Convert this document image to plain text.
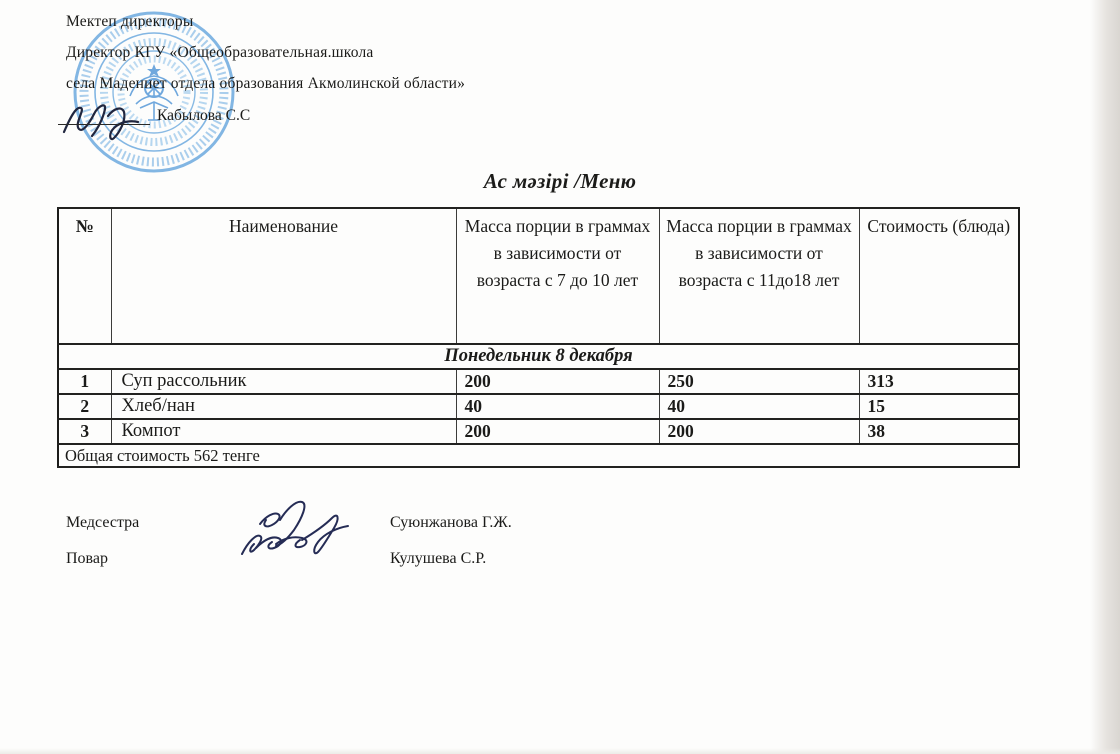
Мектеп директоры
Директор КГУ «Общеобразовательная.школа
села Мадениет отдела образования Акмолинской области»
Кабылова С.С
Ас мәзірі /Меню
№	Наименование	Масса порции в граммах в зависимости от возраста с 7 до 10 лет	Масса порции в граммах в зависимости от возраста с 11до18 лет	Стоимость (блюда)
Понедельник 8 декабря				
1	Суп рассольник	200	250	313
2	Хлеб/нан	40	40	15
3	Компот	200	200	38
Общая стоимость 562 тенге				
Медсестра
Повар
Суюнжанова Г.Ж.
Кулушева С.Р.
